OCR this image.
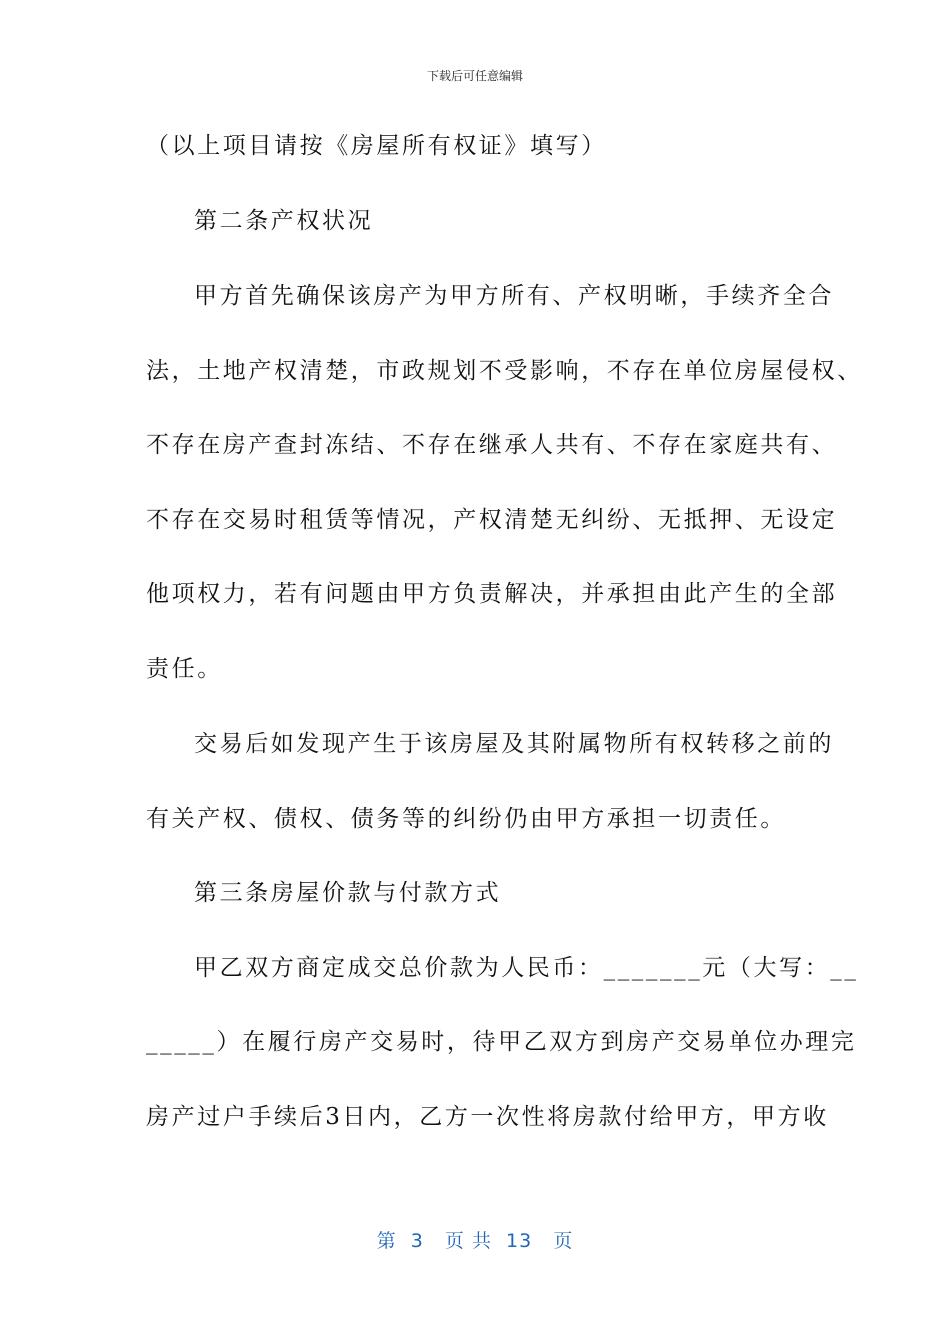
下载后可任意编辑
（以上项目请按《房屋所有权证》填写）
第二条产权状况
甲方首先确保该房产为甲方所有、产权明晰，手续齐全合
法，土地产权清楚，市政规划不受影响，不存在单位房屋侵权、
不存在房产查封冻结、不存在继承人共有、不存在家庭共有、
不存在交易时租赁等情况，产权清楚无纠纷、无抵押、无设定
他项权力，若有问题由甲方负责解决，并承担由此产生的全部
责任。
交易后如发现产生于该房屋及其附属物所有权转移之前的
有关产权、债权、债务等的纠纷仍由甲方承担一切责任。
第三条房屋价款与付款方式
甲乙双方商定成交总价款为人民币：_______元（大写：__
_____）在履行房产交易时，待甲乙双方到房产交易单位办理完
房产过户手续后3日内，乙方一次性将房款付给甲方，甲方收
第  3   页 共  13   页
